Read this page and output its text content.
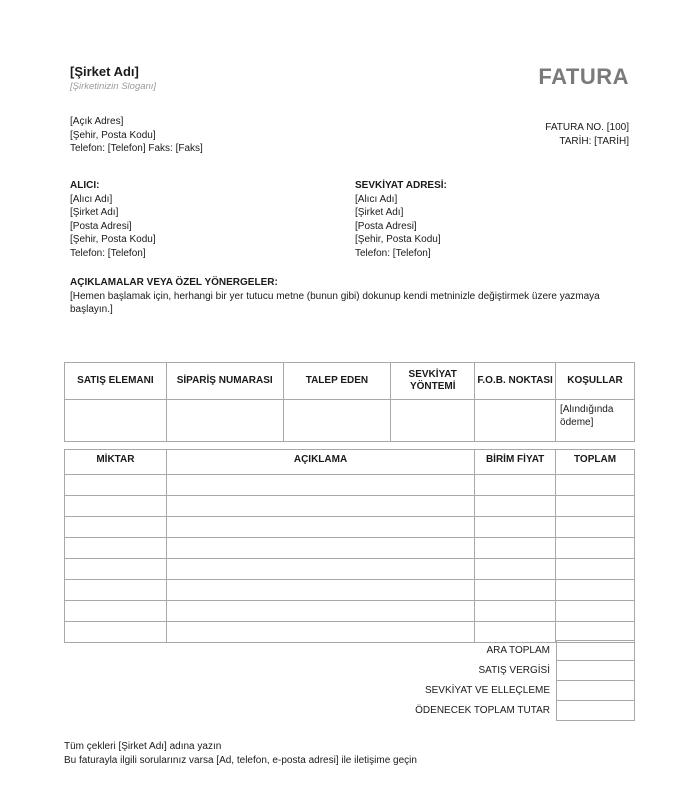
[Şirket Adı]
[Şirketinizin Sloganı]	FATURA
[Açık Adres]
[Şehir, Posta Kodu]
Telefon: [Telefon] Faks: [Faks]
FATURA NO. [100]
TARİH: [TARİH]
ALICI:
[Alıcı Adı]
[Şirket Adı]
[Posta Adresi]
[Şehir, Posta Kodu]
Telefon: [Telefon]
SEVKİYAT ADRESİ:
[Alıcı Adı]
[Şirket Adı]
[Posta Adresi]
[Şehir, Posta Kodu]
Telefon: [Telefon]
AÇIKLAMALAR VEYA ÖZEL YÖNERGELER:
[Hemen başlamak için, herhangi bir yer tutucu metne (bunun gibi) dokunup kendi metninizle değiştirmek üzere yazmaya başlayın.]
SATIŞ ELEMANI	SİPARİŞ NUMARASI	TALEP EDEN	SEVKİYAT YÖNTEMİ	F.O.B. NOKTASI	KOŞULLAR
					[Alındığında ödeme]
MİKTAR	AÇIKLAMA	BİRİM FİYAT	TOPLAM

ARA TOPLAM	
SATIŞ VERGİSİ	
SEVKİYAT VE ELLEÇLEME	
ÖDENECEK TOPLAM TUTAR	
Tüm çekleri [Şirket Adı] adına yazın
Bu faturayla ilgili sorularınız varsa [Ad, telefon, e-posta adresi] ile iletişime geçin
